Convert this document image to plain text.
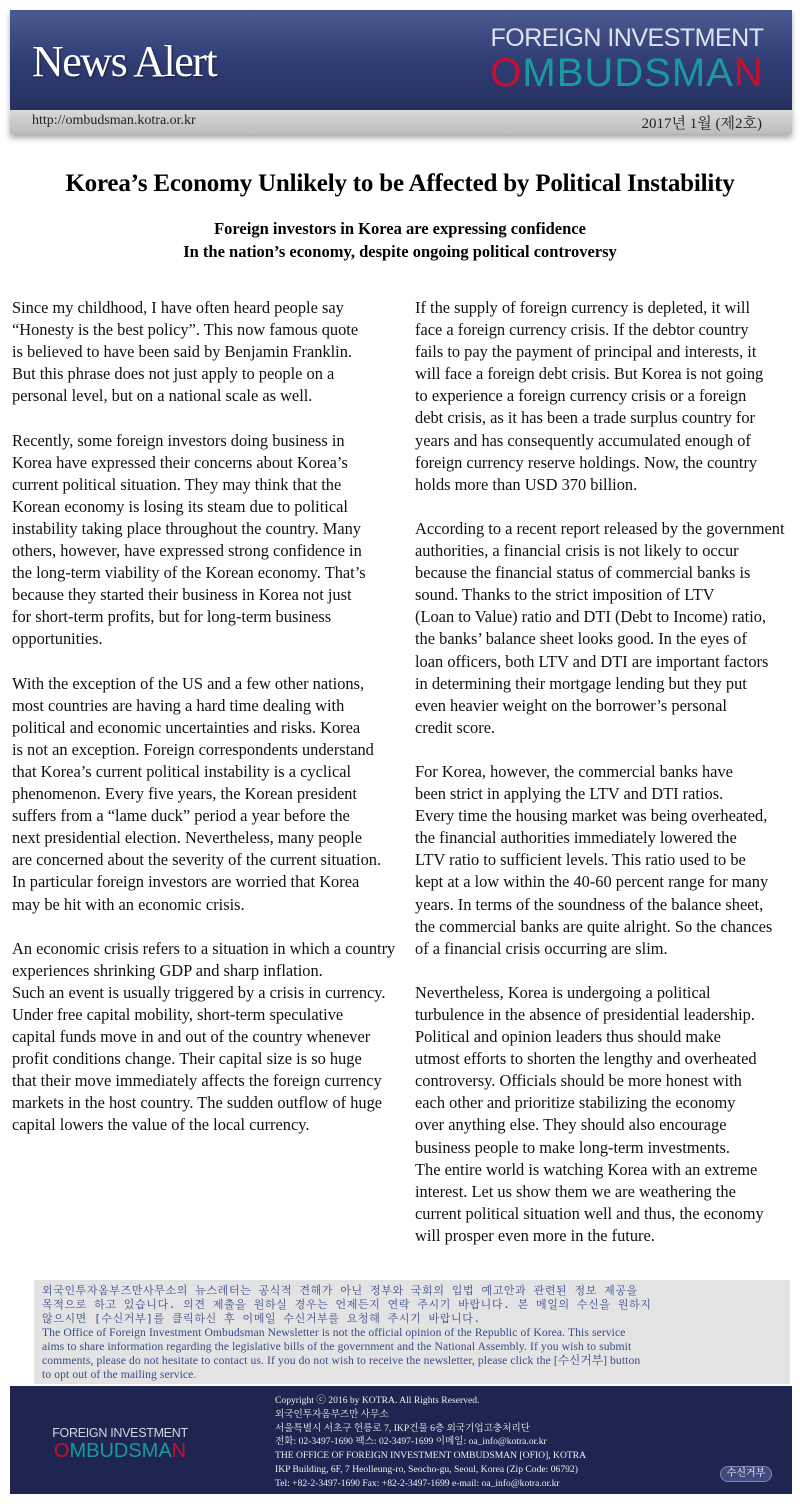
News Alert	FOREIGN INVESTMENT
OMBUDSMAN
http://ombudsman.kotra.or.kr	2017년 1월 (제2호)
Korea’s Economy Unlikely to be Affected by Political Instability
Foreign investors in Korea are expressing confidence
In the nation’s economy, despite ongoing political controversy

Since my childhood, I have often heard people say
“Honesty is the best policy”. This now famous quote
is believed to have been said by Benjamin Franklin.
But this phrase does not just apply to people on a
personal level, but on a national scale as well.

Recently, some foreign investors doing business in
Korea have expressed their concerns about Korea’s
current political situation. They may think that the
Korean economy is losing its steam due to political
instability taking place throughout the country. Many
others, however, have expressed strong confidence in
the long-term viability of the Korean economy. That’s
because they started their business in Korea not just
for short-term profits, but for long-term business
opportunities.

With the exception of the US and a few other nations,
most countries are having a hard time dealing with
political and economic uncertainties and risks. Korea
is not an exception. Foreign correspondents understand
that Korea’s current political instability is a cyclical
phenomenon. Every five years, the Korean president
suffers from a “lame duck” period a year before the
next presidential election. Nevertheless, many people
are concerned about the severity of the current situation.
In particular foreign investors are worried that Korea
may be hit with an economic crisis.

An economic crisis refers to a situation in which a country
experiences shrinking GDP and sharp inflation.
Such an event is usually triggered by a crisis in currency.
Under free capital mobility, short-term speculative
capital funds move in and out of the country whenever
profit conditions change. Their capital size is so huge
that their move immediately affects the foreign currency
markets in the host country. The sudden outflow of huge
capital lowers the value of the local currency.

If the supply of foreign currency is depleted, it will
face a foreign currency crisis. If the debtor country
fails to pay the payment of principal and interests, it
will face a foreign debt crisis. But Korea is not going
to experience a foreign currency crisis or a foreign
debt crisis, as it has been a trade surplus country for
years and has consequently accumulated enough of
foreign currency reserve holdings. Now, the country
holds more than USD 370 billion.

According to a recent report released by the government
authorities, a financial crisis is not likely to occur
because the financial status of commercial banks is
sound. Thanks to the strict imposition of LTV
(Loan to Value) ratio and DTI (Debt to Income) ratio,
the banks’ balance sheet looks good. In the eyes of
loan officers, both LTV and DTI are important factors
in determining their mortgage lending but they put
even heavier weight on the borrower’s personal
credit score.

For Korea, however, the commercial banks have
been strict in applying the LTV and DTI ratios.
Every time the housing market was being overheated,
the financial authorities immediately lowered the
LTV ratio to sufficient levels. This ratio used to be
kept at a low within the 40-60 percent range for many
years. In terms of the soundness of the balance sheet,
the commercial banks are quite alright. So the chances
of a financial crisis occurring are slim.

Nevertheless, Korea is undergoing a political
turbulence in the absence of presidential leadership.
Political and opinion leaders thus should make
utmost efforts to shorten the lengthy and overheated
controversy. Officials should be more honest with
each other and prioritize stabilizing the economy
over anything else. They should also encourage
business people to make long-term investments.
The entire world is watching Korea with an extreme
interest. Let us show them we are weathering the
current political situation well and thus, the economy
will prosper even more in the future.

외국인투자옴부즈만사무소의 뉴스레터는 공식적 견해가 아닌 정부와 국회의 입법 예고안과 관련된 정보 제공을
목적으로 하고 있습니다. 의견 제출을 원하실 경우는 언제든지 연락 주시기 바랍니다. 본 메일의 수신을 원하지
않으시면 [수신거부]를 클릭하신 후 이메일 수신거부를 요청해 주시기 바랍니다.
The Office of Foreign Investment Ombudsman Newsletter is not the official opinion of the Republic of Korea. This service
aims to share information regarding the legislative bills of the government and the National Assembly. If you wish to submit
comments, please do not hesitate to contact us. If you do not wish to receive the newsletter, please click the [수신거부] button
to opt out of the mailing service.
FOREIGN INVESTMENT
OMBUDSMAN
Copyright ⓒ 2016 by KOTRA. All Rights Reserved.
외국인투자옴부즈만 사무소
서울특별시 서초구 헌릉로 7, IKP건물 6층 외국기업고충처리단
전화: 02-3497-1690 팩스: 02-3497-1699 이메일: oa_info@kotra.or.kr
THE OFFICE OF FOREIGN INVESTMENT OMBUDSMAN [OFIO], KOTRA
IKP Building, 6F, 7 Heolleung-ro, Seocho-gu, Seoul, Korea (Zip Code: 06792)
Tel: +82-2-3497-1690 Fax: +82-2-3497-1699 e-mail: oa_info@kotra.or.kr
수신거부
